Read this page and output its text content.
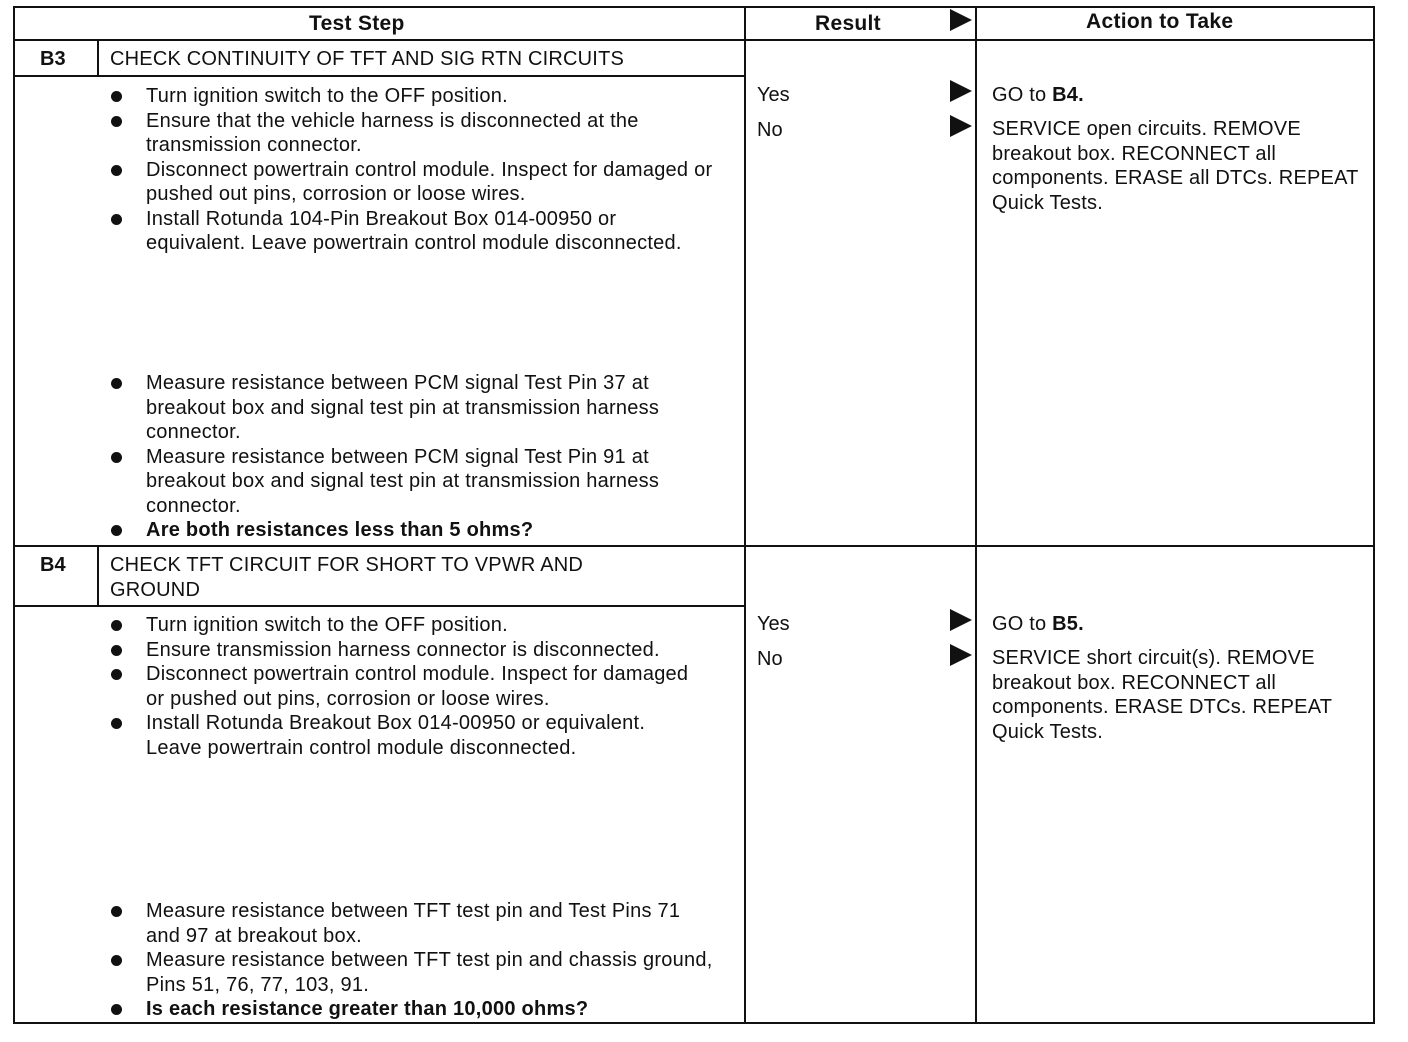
Test Step	Result	Action to Take
B3 CHECK CONTINUITY OF TFT AND SIG RTN CIRCUITS
Turn ignition switch to the OFF position.
Ensure that the vehicle harness is disconnected at the transmission connector.
Disconnect powertrain control module. Inspect for damaged or pushed out pins, corrosion or loose wires.
Install Rotunda 104-Pin Breakout Box 014-00950 or equivalent. Leave powertrain control module disconnected.
Measure resistance between PCM signal Test Pin 37 at breakout box and signal test pin at transmission harness connector.
Measure resistance between PCM signal Test Pin 91 at breakout box and signal test pin at transmission harness connector.
Are both resistances less than 5 ohms?
Yes
No
GO to B4.
SERVICE open circuits. REMOVE breakout box. RECONNECT all components. ERASE all DTCs. REPEAT Quick Tests.
B4 CHECK TFT CIRCUIT FOR SHORT TO VPWR AND GROUND
Turn ignition switch to the OFF position.
Ensure transmission harness connector is disconnected.
Disconnect powertrain control module. Inspect for damaged or pushed out pins, corrosion or loose wires.
Install Rotunda Breakout Box 014-00950 or equivalent. Leave powertrain control module disconnected.
Measure resistance between TFT test pin and Test Pins 71 and 97 at breakout box.
Measure resistance between TFT test pin and chassis ground, Pins 51, 76, 77, 103, 91.
Is each resistance greater than 10,000 ohms?
Yes
No
GO to B5.
SERVICE short circuit(s). REMOVE breakout box. RECONNECT all components. ERASE DTCs. REPEAT Quick Tests.
